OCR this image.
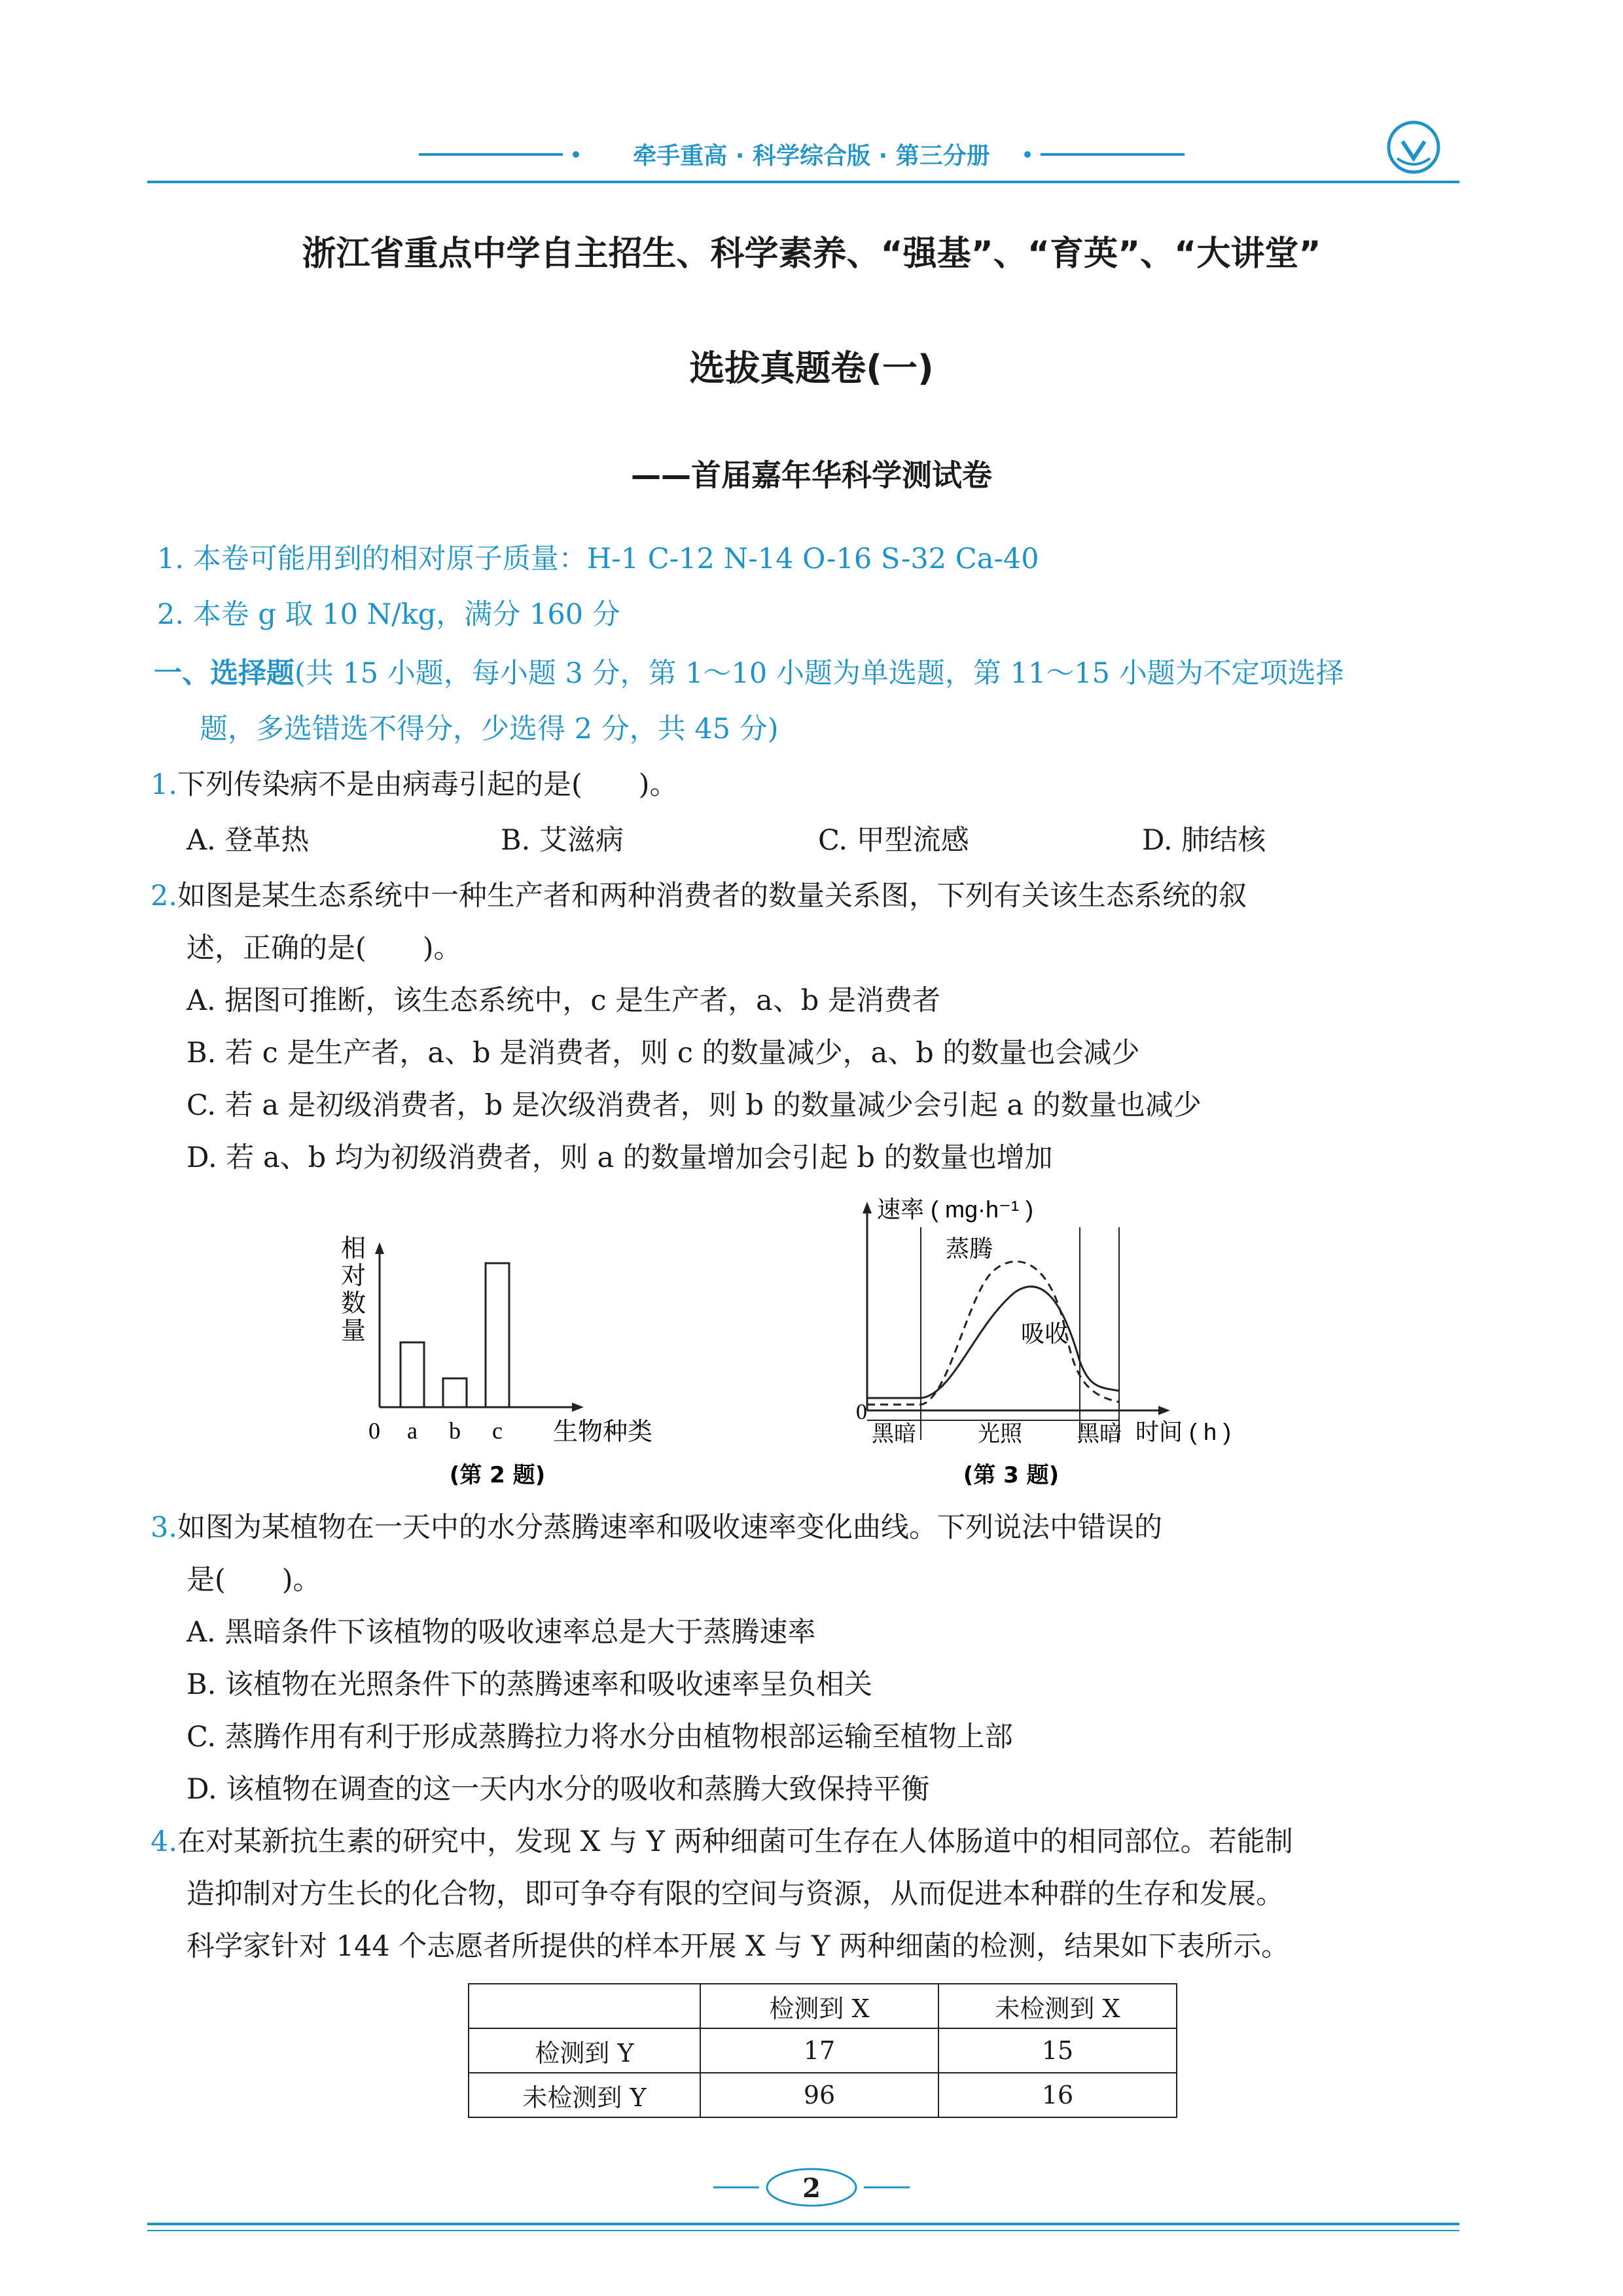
牵手重高 · 科学综合版 · 第三分册
浙江省重点中学自主招生、科学素养、“强基”、“育英”、“大讲堂”
选拔真题卷(一)
——首届嘉年华科学测试卷
1. 本卷可能用到的相对原子质量：H-1 C-12 N-14 O-16 S-32 Ca-40
2. 本卷 g 取 10 N/kg，满分 160 分
一、选择题(共 15 小题，每小题 3 分，第 1～10 小题为单选题，第 11～15 小题为不定项选择
题，多选错选不得分，少选得 2 分，共 45 分)
1.下列传染病不是由病毒引起的是(　　)。
A. 登革热	B. 艾滋病	C. 甲型流感	D. 肺结核
2.如图是某生态系统中一种生产者和两种消费者的数量关系图，下列有关该生态系统的叙
述，正确的是(　　)。
A. 据图可推断，该生态系统中，c 是生产者，a、b 是消费者
B. 若 c 是生产者，a、b 是消费者，则 c 的数量减少，a、b 的数量也会减少
C. 若 a 是初级消费者，b 是次级消费者，则 b 的数量减少会引起 a 的数量也减少
D. 若 a、b 均为初级消费者，则 a 的数量增加会引起 b 的数量也增加
相
对
数
量
0	生物种类
a b c
(第 2 题)
速率 ( mg·h⁻¹ )
0
时间 ( h )
蒸腾
吸收
黑暗	光照 黑暗
(第 3 题)
3.如图为某植物在一天中的水分蒸腾速率和吸收速率变化曲线。下列说法中错误的
是(　　)。
A. 黑暗条件下该植物的吸收速率总是大于蒸腾速率
B. 该植物在光照条件下的蒸腾速率和吸收速率呈负相关
C. 蒸腾作用有利于形成蒸腾拉力将水分由植物根部运输至植物上部
D. 该植物在调查的这一天内水分的吸收和蒸腾大致保持平衡
4.在对某新抗生素的研究中，发现 X 与 Y 两种细菌可生存在人体肠道中的相同部位。若能制
造抑制对方生长的化合物，即可争夺有限的空间与资源，从而促进本种群的生存和发展。
科学家针对 144 个志愿者所提供的样本开展 X 与 Y 两种细菌的检测，结果如下表所示。
	检测到 X	未检测到 X
检测到 Y	17	15
未检测到 Y	96	16
2
